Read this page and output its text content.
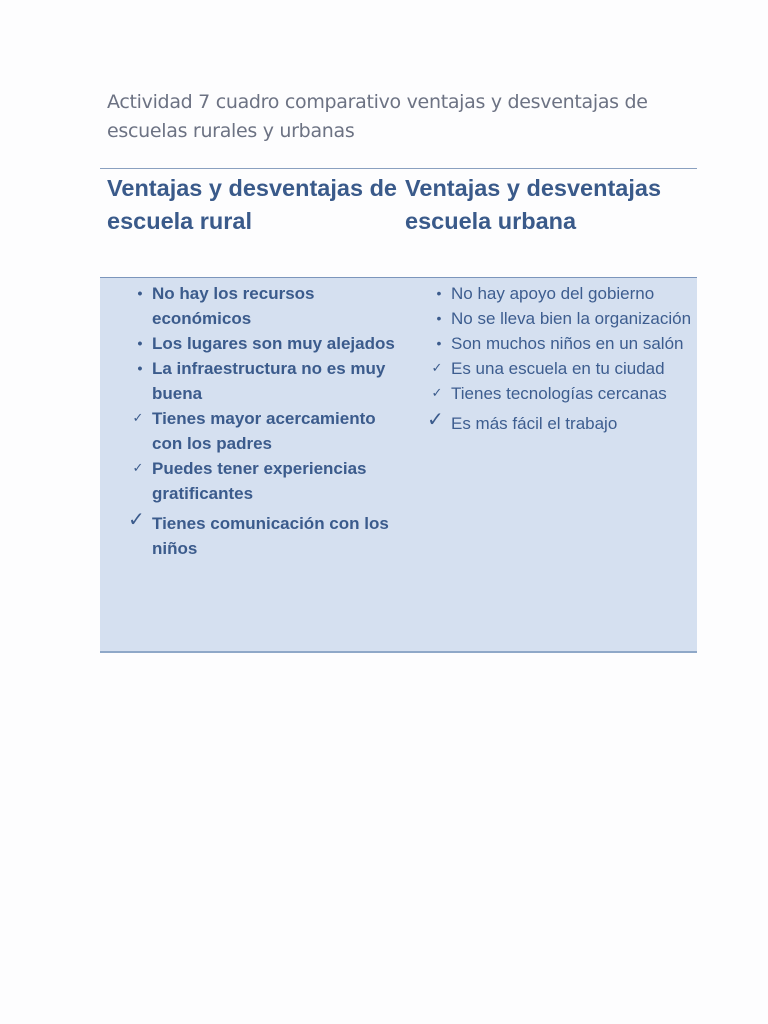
Actividad 7 cuadro comparativo ventajas y desventajas de escuelas rurales y urbanas
Ventajas y desventajas de escuela rural
Ventajas y desventajas escuela urbana
• No hay los recursos económicos
• Los lugares son muy alejados
• La infraestructura no es muy buena
✓ Tienes mayor acercamiento con los padres
✓ Puedes tener experiencias gratificantes
✓ Tienes comunicación con los niños
• No hay apoyo del gobierno
• No se lleva bien la organización
• Son muchos niños en un salón
✓ Es una escuela en tu ciudad
✓ Tienes tecnologías cercanas
✓ Es más fácil el trabajo
